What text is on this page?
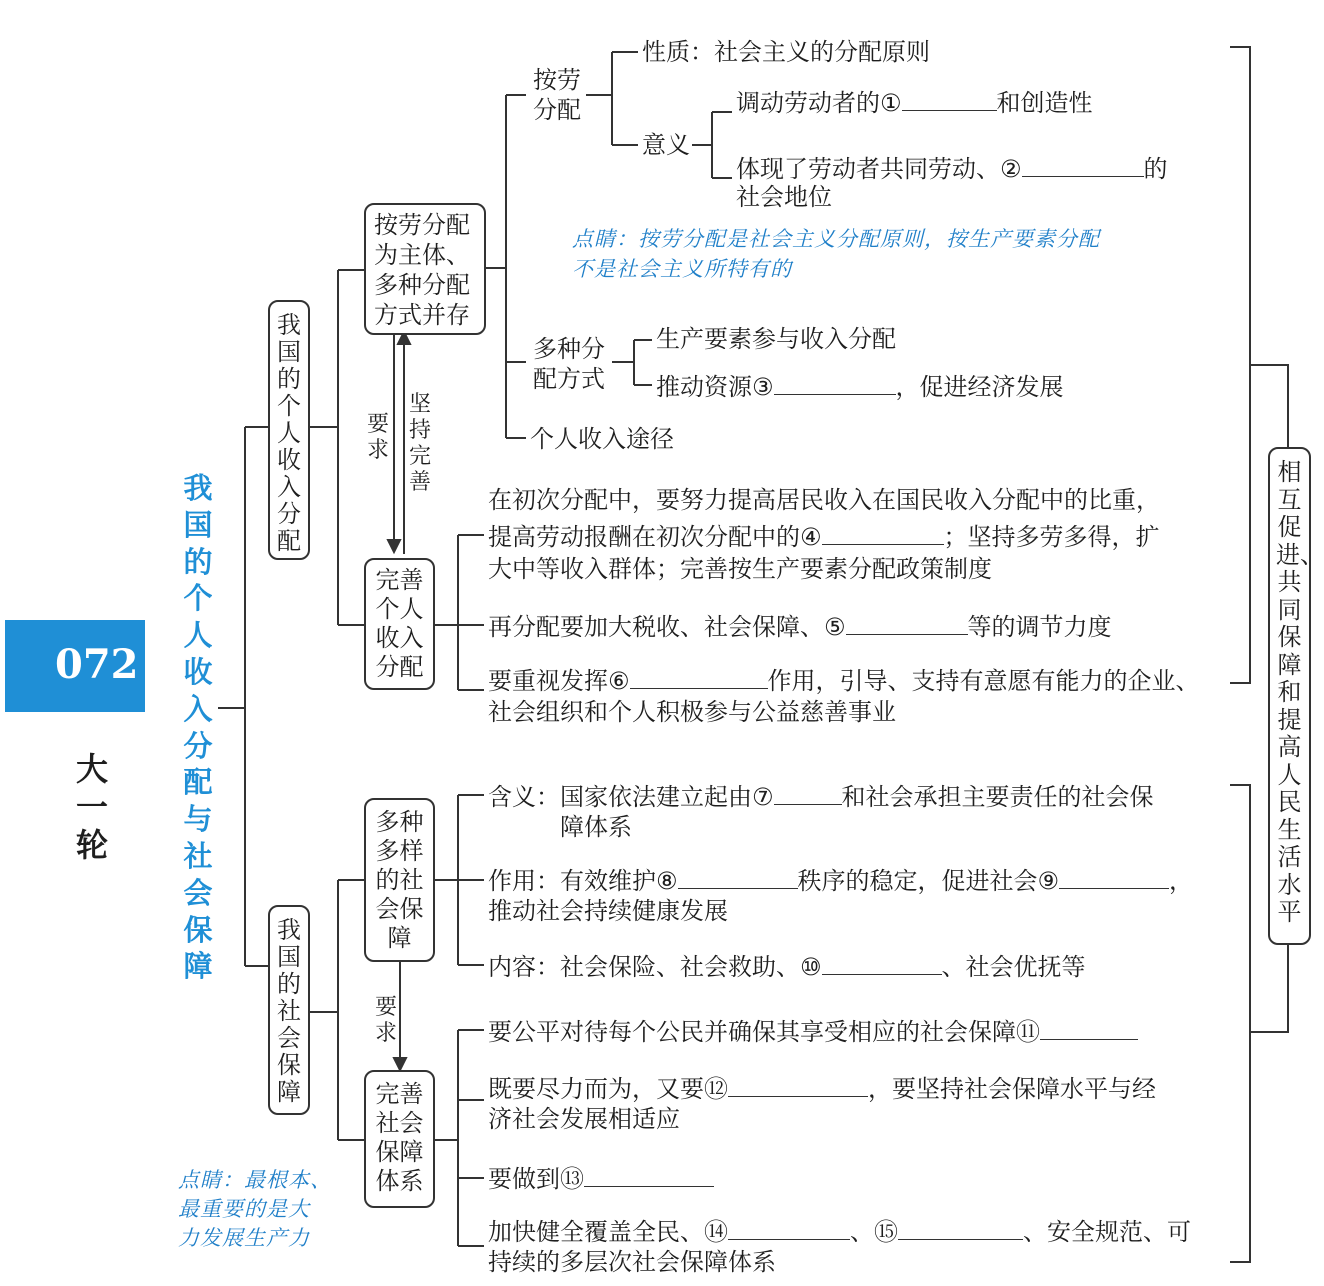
072
大一轮
我国的个人收入分配与社会保障
我国的个人收入分配
我国的社会保障
按劳分配为主体、多种分配方式并存
按劳分配
性质：社会主义的分配原则
意义
调动劳动者的①	和创造性
体现了劳动者共同劳动、②	的
社会地位
点睛：按劳分配是社会主义分配原则，按生产要素分配
不是社会主义所特有的
多种分配方式
生产要素参与收入分配
推动资源③	，促进经济发展
个人收入途径
要求
坚持完善
完善个人收入分配
在初次分配中，要努力提高居民收入在国民收入分配中的比重，
提高劳动报酬在初次分配中的④	；坚持多劳多得，扩
大中等收入群体；完善按生产要素分配政策制度
再分配要加大税收、社会保障、⑤	等的调节力度
要重视发挥⑥	作用，引导、支持有意愿有能力的企业、
社会组织和个人积极参与公益慈善事业
多种多样的社会保障
含义：国家依法建立起由⑦	和社会承担主要责任的社会保
障体系
作用：有效维护⑧	秩序的稳定，促进社会⑨	，
推动社会持续健康发展
内容：社会保险、社会救助、⑩	、社会优抚等
要求
完善社会保障体系
要公平对待每个公民并确保其享受相应的社会保障⑪
既要尽力而为，又要⑫	，要坚持社会保障水平与经
济社会发展相适应
要做到⑬
加快健全覆盖全民、⑭	、⑮	、安全规范、可
持续的多层次社会保障体系
点睛：最根本、
最重要的是大
力发展生产力
相互促进、共同保障和提高人民生活水平
